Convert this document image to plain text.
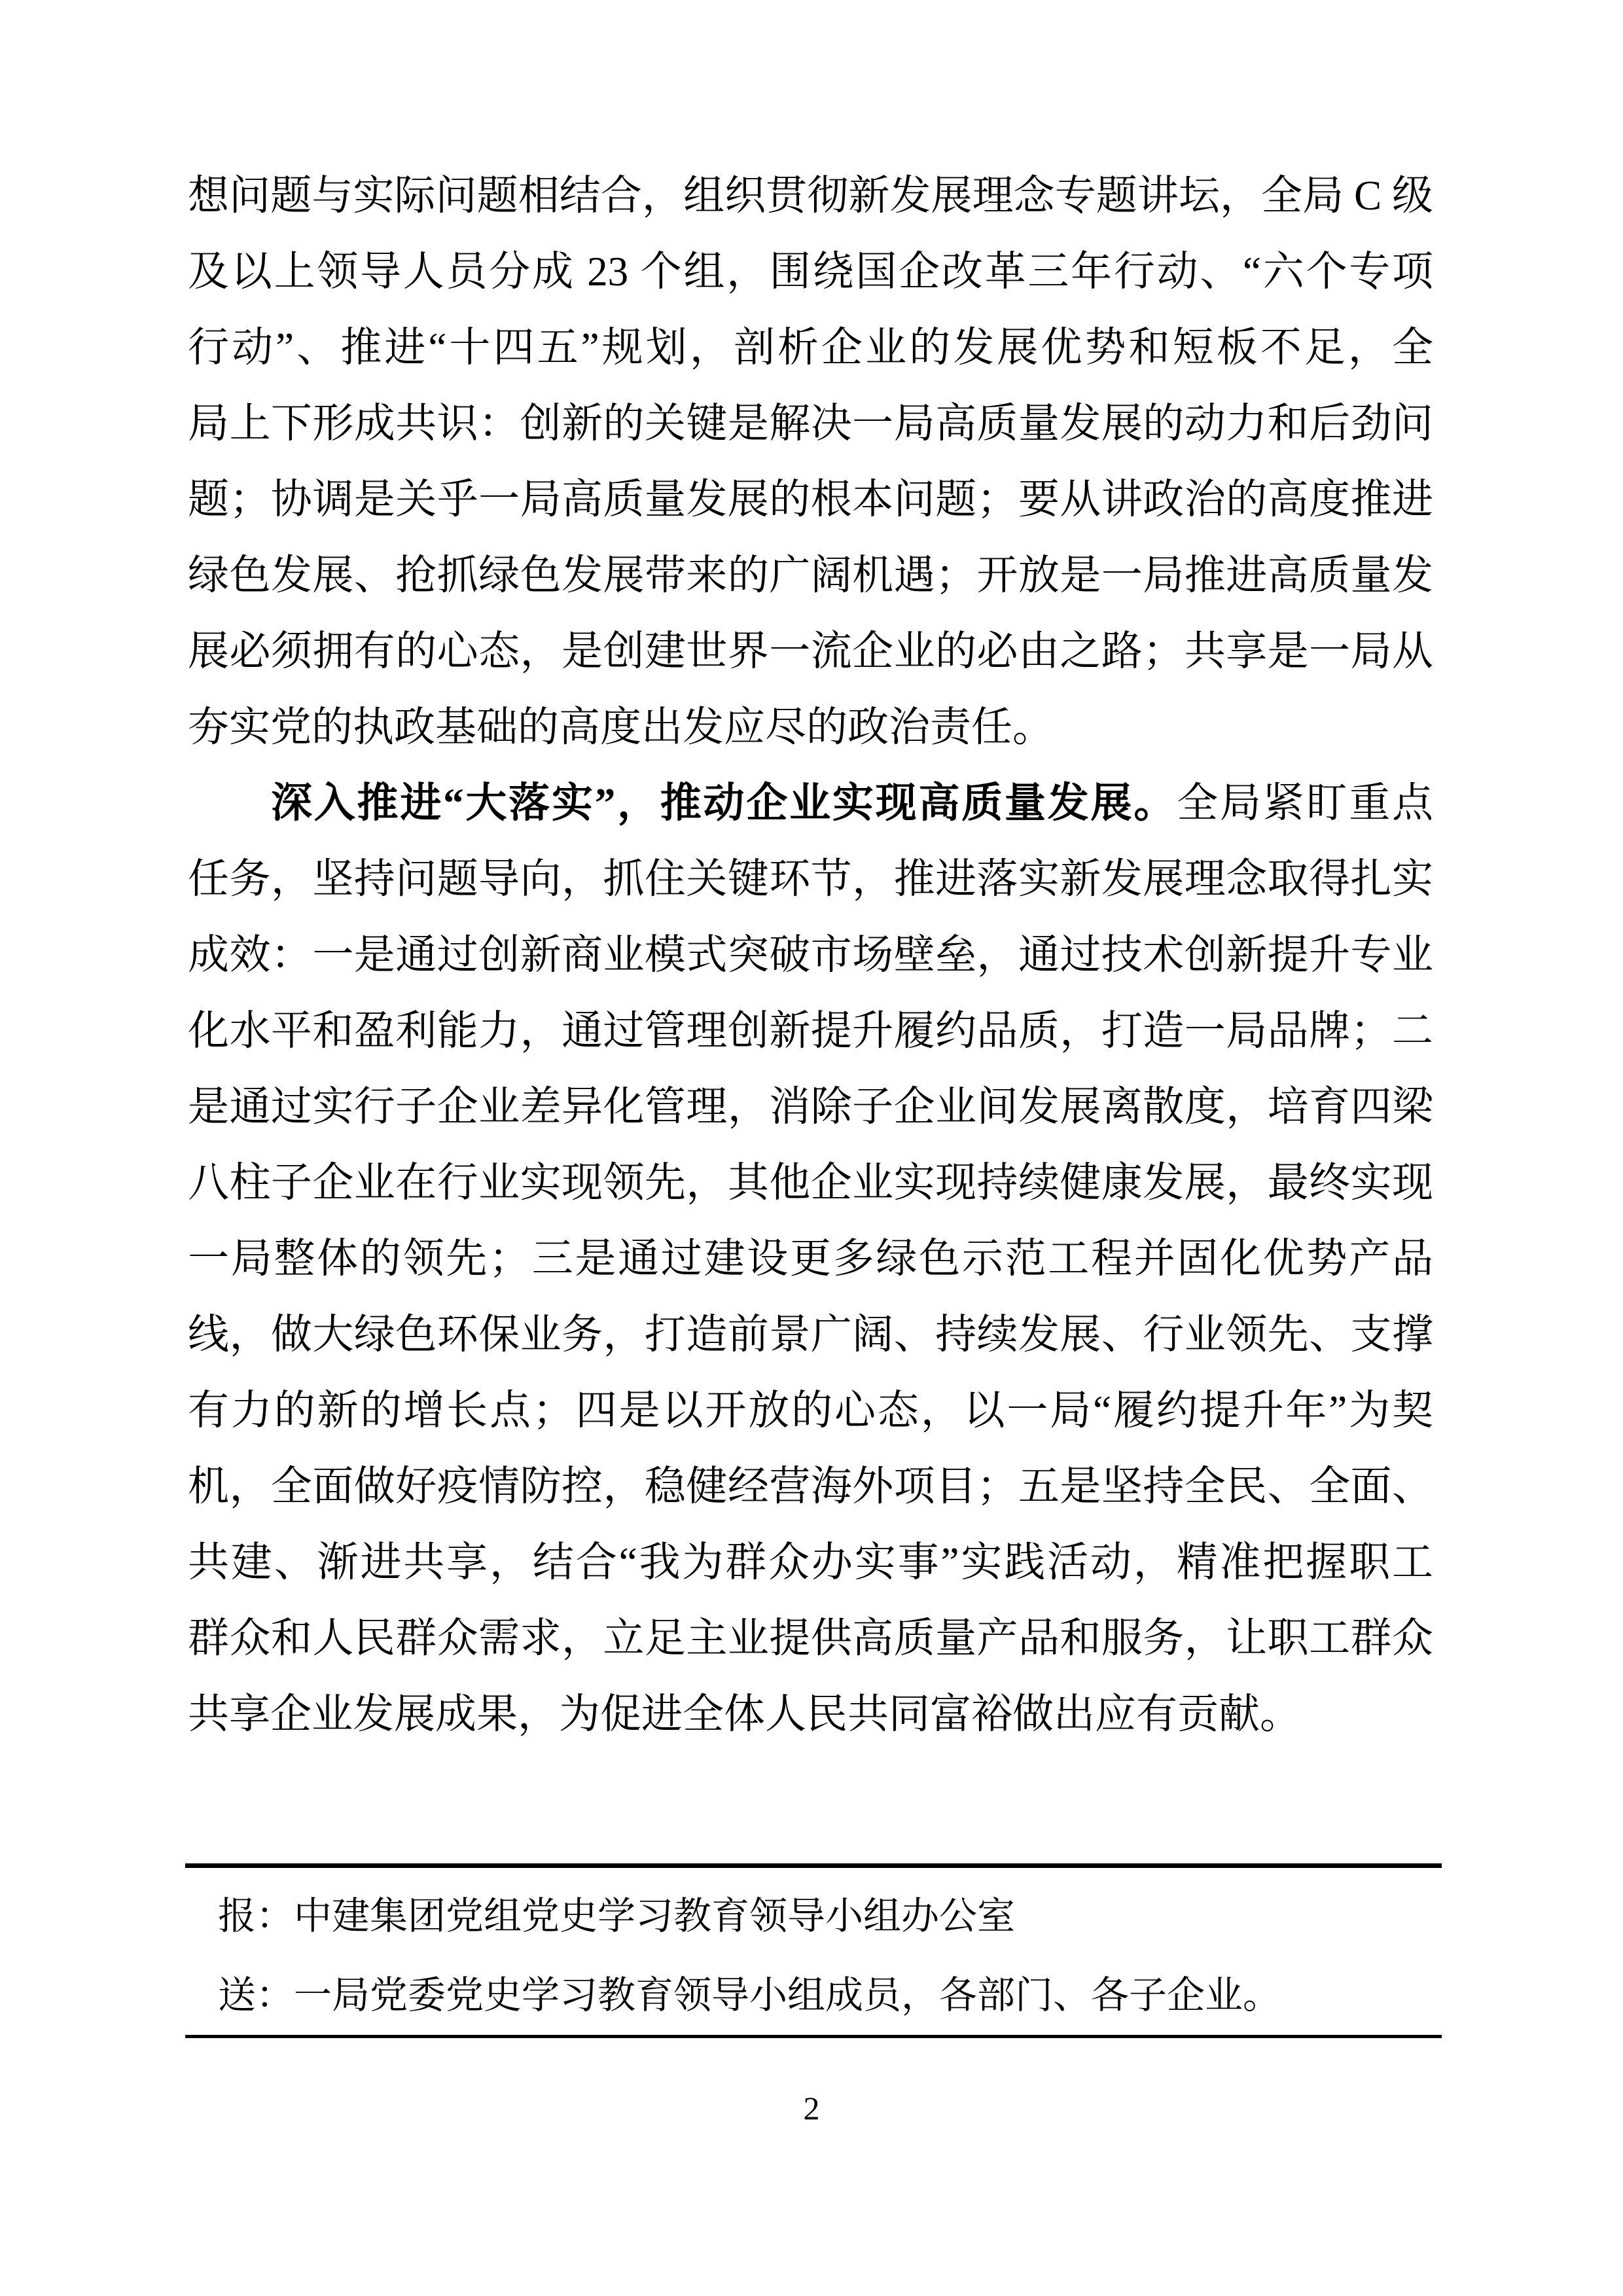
想问题与实际问题相结合，组织贯彻新发展理念专题讲坛，全局 C 级
及以上领导人员分成 23 个组，围绕国企改革三年行动、“六个专项
行动”、推进“十四五”规划，剖析企业的发展优势和短板不足，全
局上下形成共识：创新的关键是解决一局高质量发展的动力和后劲问
题；协调是关乎一局高质量发展的根本问题；要从讲政治的高度推进
绿色发展、抢抓绿色发展带来的广阔机遇；开放是一局推进高质量发
展必须拥有的心态，是创建世界一流企业的必由之路；共享是一局从
夯实党的执政基础的高度出发应尽的政治责任。
深入推进“大落实”，推动企业实现高质量发展。全局紧盯重点
任务，坚持问题导向，抓住关键环节，推进落实新发展理念取得扎实
成效：一是通过创新商业模式突破市场壁垒，通过技术创新提升专业
化水平和盈利能力，通过管理创新提升履约品质，打造一局品牌；二
是通过实行子企业差异化管理，消除子企业间发展离散度，培育四梁
八柱子企业在行业实现领先，其他企业实现持续健康发展，最终实现
一局整体的领先；三是通过建设更多绿色示范工程并固化优势产品
线，做大绿色环保业务，打造前景广阔、持续发展、行业领先、支撑
有力的新的增长点；四是以开放的心态，以一局“履约提升年”为契
机，全面做好疫情防控，稳健经营海外项目；五是坚持全民、全面、
共建、渐进共享，结合“我为群众办实事”实践活动，精准把握职工
群众和人民群众需求，立足主业提供高质量产品和服务，让职工群众
共享企业发展成果，为促进全体人民共同富裕做出应有贡献。
报：中建集团党组党史学习教育领导小组办公室
送：一局党委党史学习教育领导小组成员，各部门、各子企业。
2
